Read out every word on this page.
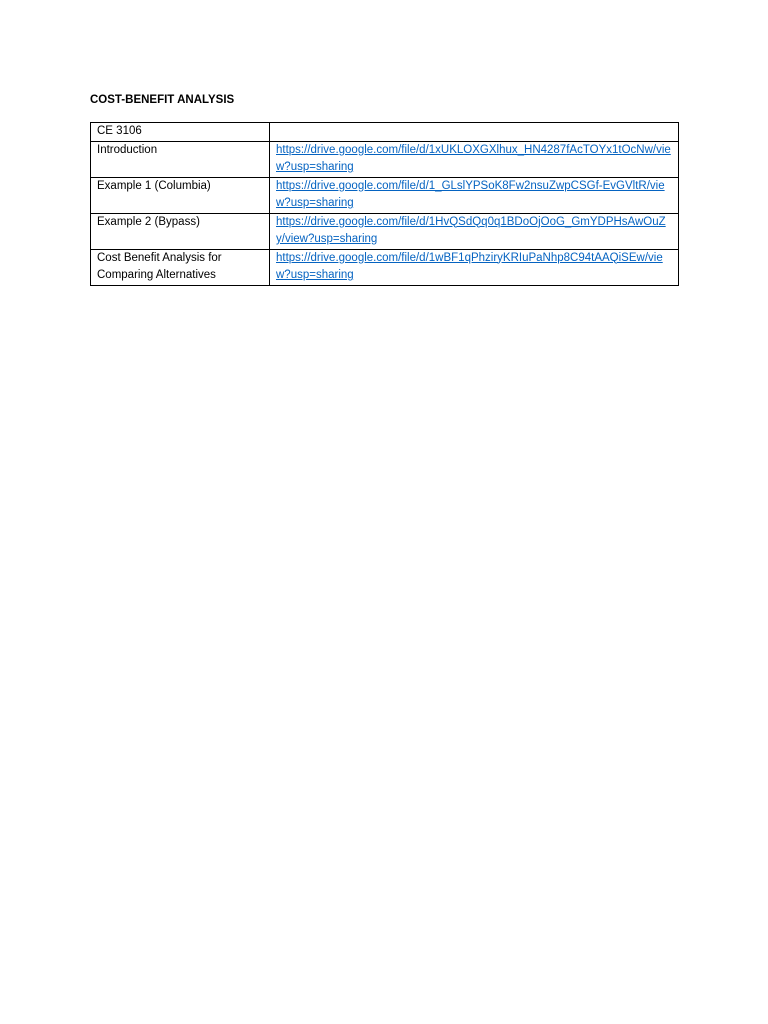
COST-BENEFIT ANALYSIS
CE 3106	
Introduction	https://drive.google.com/file/d/1xUKLOXGXlhux_HN4287fAcTOYx1tOcNw/view?usp=sharing
Example 1 (Columbia)	https://drive.google.com/file/d/1_GLslYPSoK8Fw2nsuZwpCSGf-EvGVltR/view?usp=sharing
Example 2 (Bypass)	https://drive.google.com/file/d/1HvQSdQq0q1BDoOjOoG_GmYDPHsAwOuZy/view?usp=sharing
Cost Benefit Analysis for Comparing Alternatives	https://drive.google.com/file/d/1wBF1qPhziryKRIuPaNhp8C94tAAQiSEw/view?usp=sharing
